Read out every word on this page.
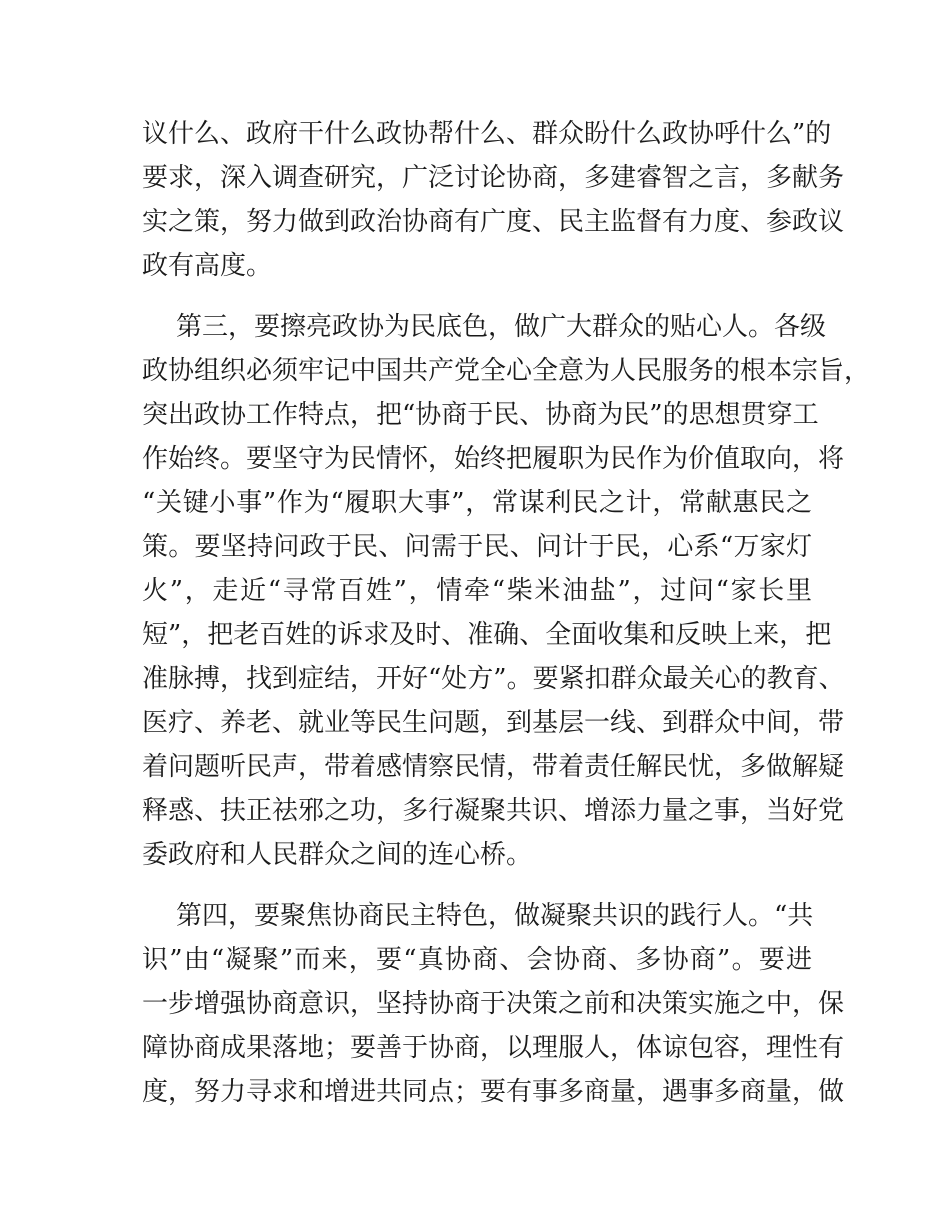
议什么、政府干什么政协帮什么、群众盼什么政协呼什么”的
要求，深入调查研究，广泛讨论协商，多建睿智之言，多献务
实之策，努力做到政治协商有广度、民主监督有力度、参政议
政有高度。
第三，要擦亮政协为民底色，做广大群众的贴心人。各级
政协组织必须牢记中国共产党全心全意为人民服务的根本宗旨，
突出政协工作特点，把“协商于民、协商为民”的思想贯穿工
作始终。要坚守为民情怀，始终把履职为民作为价值取向，将
“关键小事”作为“履职大事”，常谋利民之计，常献惠民之
策。要坚持问政于民、问需于民、问计于民，心系“万家灯
火”，走近“寻常百姓”，情牵“柴米油盐”，过问“家长里
短”，把老百姓的诉求及时、准确、全面收集和反映上来，把
准脉搏，找到症结，开好“处方”。要紧扣群众最关心的教育、
医疗、养老、就业等民生问题，到基层一线、到群众中间，带
着问题听民声，带着感情察民情，带着责任解民忧，多做解疑
释惑、扶正祛邪之功，多行凝聚共识、增添力量之事，当好党
委政府和人民群众之间的连心桥。
第四，要聚焦协商民主特色，做凝聚共识的践行人。“共
识”由“凝聚”而来，要“真协商、会协商、多协商”。要进
一步增强协商意识，坚持协商于决策之前和决策实施之中，保
障协商成果落地；要善于协商，以理服人，体谅包容，理性有
度，努力寻求和增进共同点；要有事多商量，遇事多商量，做
